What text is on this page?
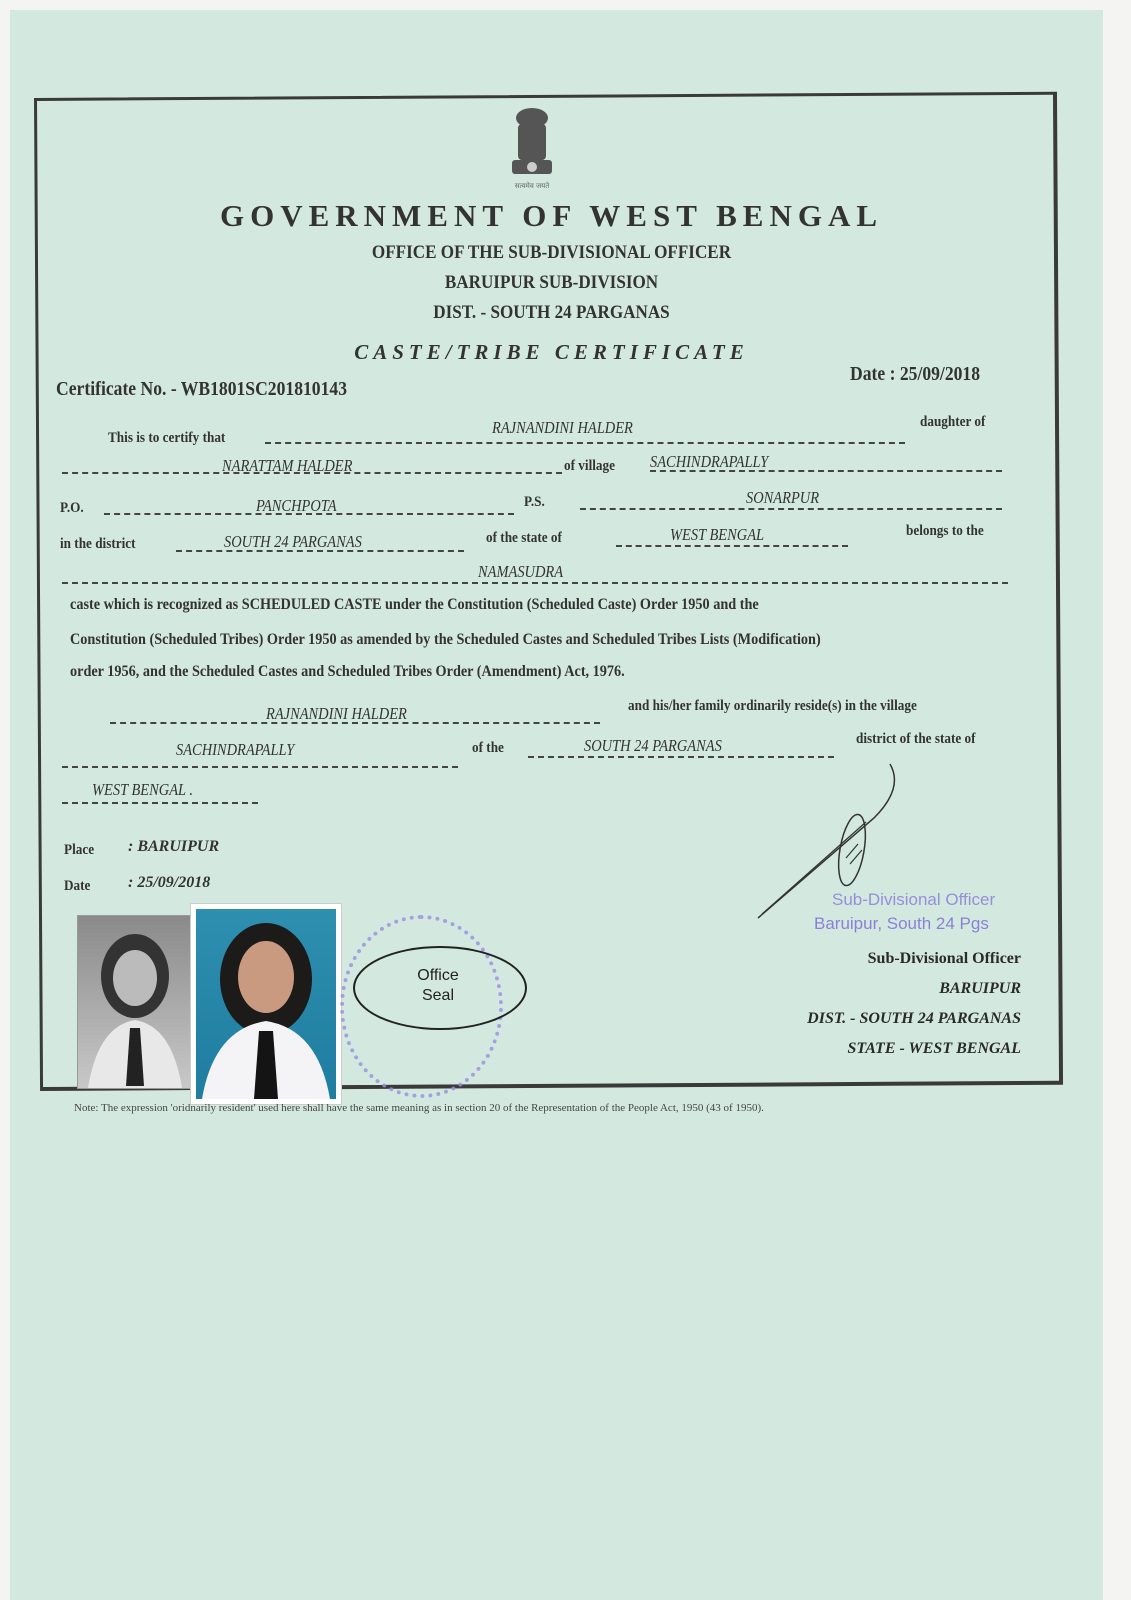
सत्यमेव जयते
GOVERNMENT OF WEST BENGAL
OFFICE OF THE SUB-DIVISIONAL OFFICER
BARUIPUR SUB-DIVISION
DIST. - SOUTH 24 PARGANAS
CASTE/TRIBE CERTIFICATE
Certificate No. - WB1801SC201810143
Date : 25/09/2018
This is to certify that
RAJNANDINI HALDER	daughter of
NARATTAM HALDER	of village SACHINDRAPALLY
P.O.	PANCHPOTA	P.S.	SONARPUR
in the district	SOUTH 24 PARGANAS	of the state of	WEST BENGAL	belongs to the
NAMASUDRA
caste which is recognized as SCHEDULED CASTE under the Constitution (Scheduled Caste) Order 1950 and the
Constitution (Scheduled Tribes) Order 1950 as amended by the Scheduled Castes and Scheduled Tribes Lists (Modification)
order 1956, and the Scheduled Castes and Scheduled Tribes Order (Amendment) Act, 1976.
RAJNANDINI HALDER	and his/her family ordinarily reside(s) in the village
SACHINDRAPALLY	of the	SOUTH 24 PARGANAS	district of the state of
WEST BENGAL .
Place : BARUIPUR
Date : 25/09/2018
Office
Seal
Sub-Divisional Officer
Baruipur, South 24 Pgs
Sub-Divisional Officer
BARUIPUR
DIST. - SOUTH 24 PARGANAS
STATE - WEST BENGAL
Note: The expression 'oridnarily resident' used here shall have the same meaning as in section 20 of the Representation of the People Act, 1950 (43 of 1950).
